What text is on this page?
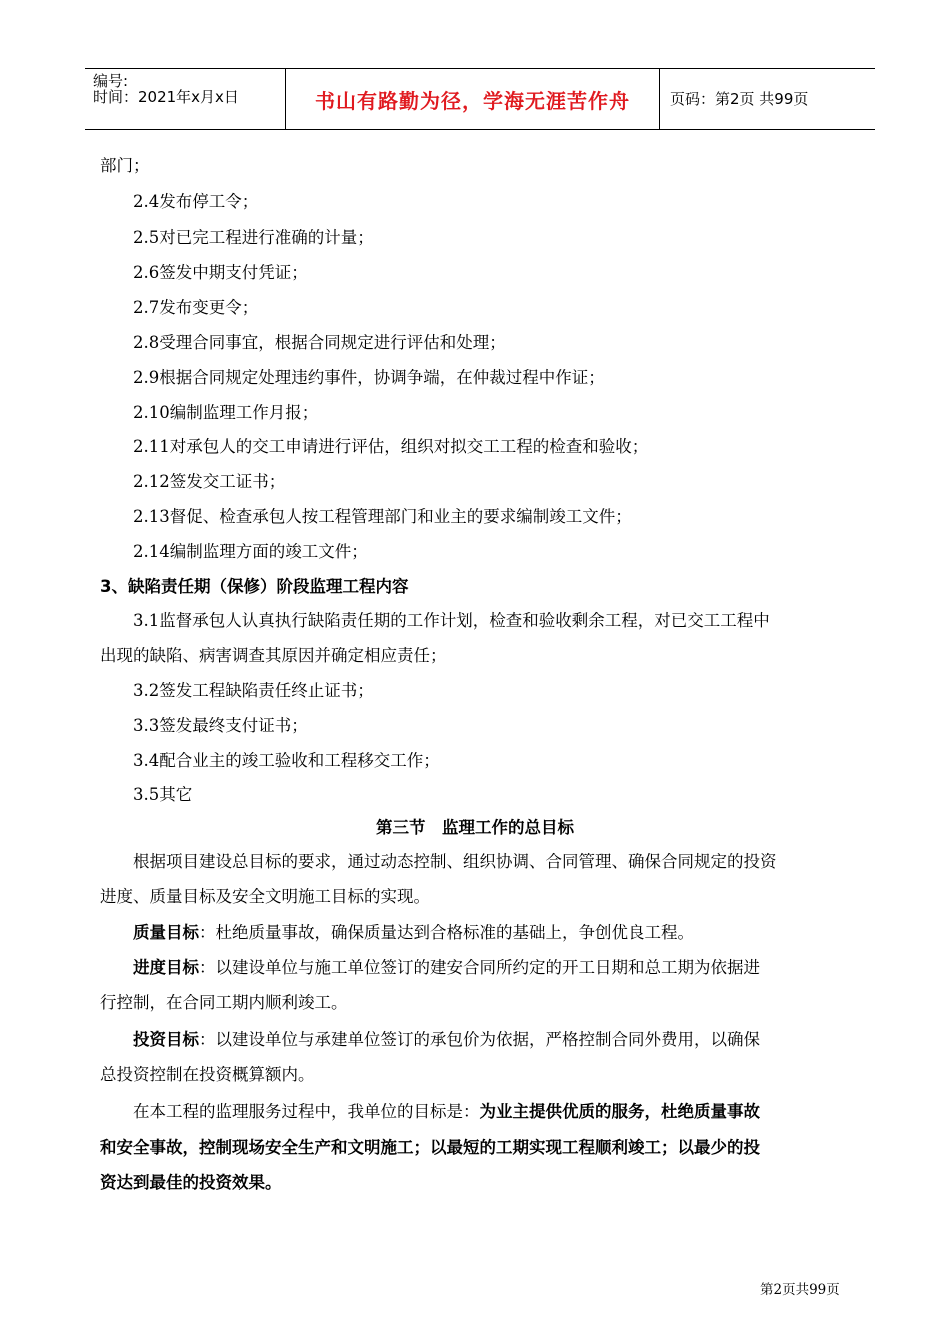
编号:
时间：2021年x月x日	书山有路勤为径，学海无涯苦作舟	页码：第2页 共99页
部门；
2.4发布停工令；
2.5对已完工程进行准确的计量；
2.6签发中期支付凭证；
2.7发布变更令；
2.8受理合同事宜，根据合同规定进行评估和处理；
2.9根据合同规定处理违约事件，协调争端，在仲裁过程中作证；
2.10编制监理工作月报；
2.11对承包人的交工申请进行评估，组织对拟交工工程的检查和验收；
2.12签发交工证书；
2.13督促、检查承包人按工程管理部门和业主的要求编制竣工文件；
2.14编制监理方面的竣工文件；
3、缺陷责任期（保修）阶段监理工程内容
3.1监督承包人认真执行缺陷责任期的工作计划，检查和验收剩余工程，对已交工工程中
出现的缺陷、病害调查其原因并确定相应责任；
3.2签发工程缺陷责任终止证书；
3.3签发最终支付证书；
3.4配合业主的竣工验收和工程移交工作；
3.5其它
第三节　监理工作的总目标
根据项目建设总目标的要求，通过动态控制、组织协调、合同管理、确保合同规定的投资
进度、质量目标及安全文明施工目标的实现。
质量目标：杜绝质量事故，确保质量达到合格标准的基础上，争创优良工程。
进度目标：以建设单位与施工单位签订的建安合同所约定的开工日期和总工期为依据进
行控制，在合同工期内顺利竣工。
投资目标：以建设单位与承建单位签订的承包价为依据，严格控制合同外费用，以确保
总投资控制在投资概算额内。
在本工程的监理服务过程中，我单位的目标是：为业主提供优质的服务，杜绝质量事故
和安全事故，控制现场安全生产和文明施工；以最短的工期实现工程顺利竣工；以最少的投
资达到最佳的投资效果。
第2页共99页
